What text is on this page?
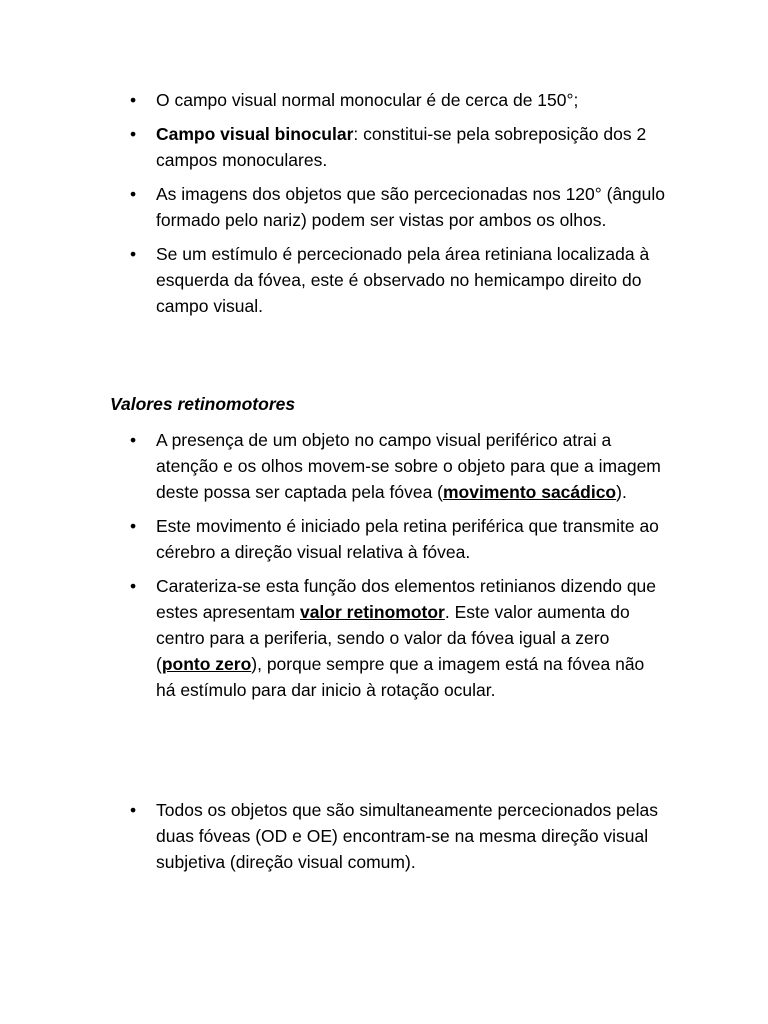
• O campo visual normal monocular é de cerca de 150°;
• Campo visual binocular: constitui-se pela sobreposição dos 2 campos monoculares.
• As imagens dos objetos que são percecionadas nos 120° (ângulo formado pelo nariz) podem ser vistas por ambos os olhos.
• Se um estímulo é percecionado pela área retiniana localizada à esquerda da fóvea, este é observado no hemicampo direito do campo visual.
Valores retinomotores
• A presença de um objeto no campo visual periférico atrai a atenção e os olhos movem-se sobre o objeto para que a imagem deste possa ser captada pela fóvea (movimento sacádico).
• Este movimento é iniciado pela retina periférica que transmite ao cérebro a direção visual relativa à fóvea.
• Carateriza-se esta função dos elementos retinianos dizendo que estes apresentam valor retinomotor. Este valor aumenta do centro para a periferia, sendo o valor da fóvea igual a zero (ponto zero), porque sempre que a imagem está na fóvea não há estímulo para dar inicio à rotação ocular.
• Todos os objetos que são simultaneamente percecionados pelas duas fóveas (OD e OE) encontram-se na mesma direção visual subjetiva (direção visual comum).
